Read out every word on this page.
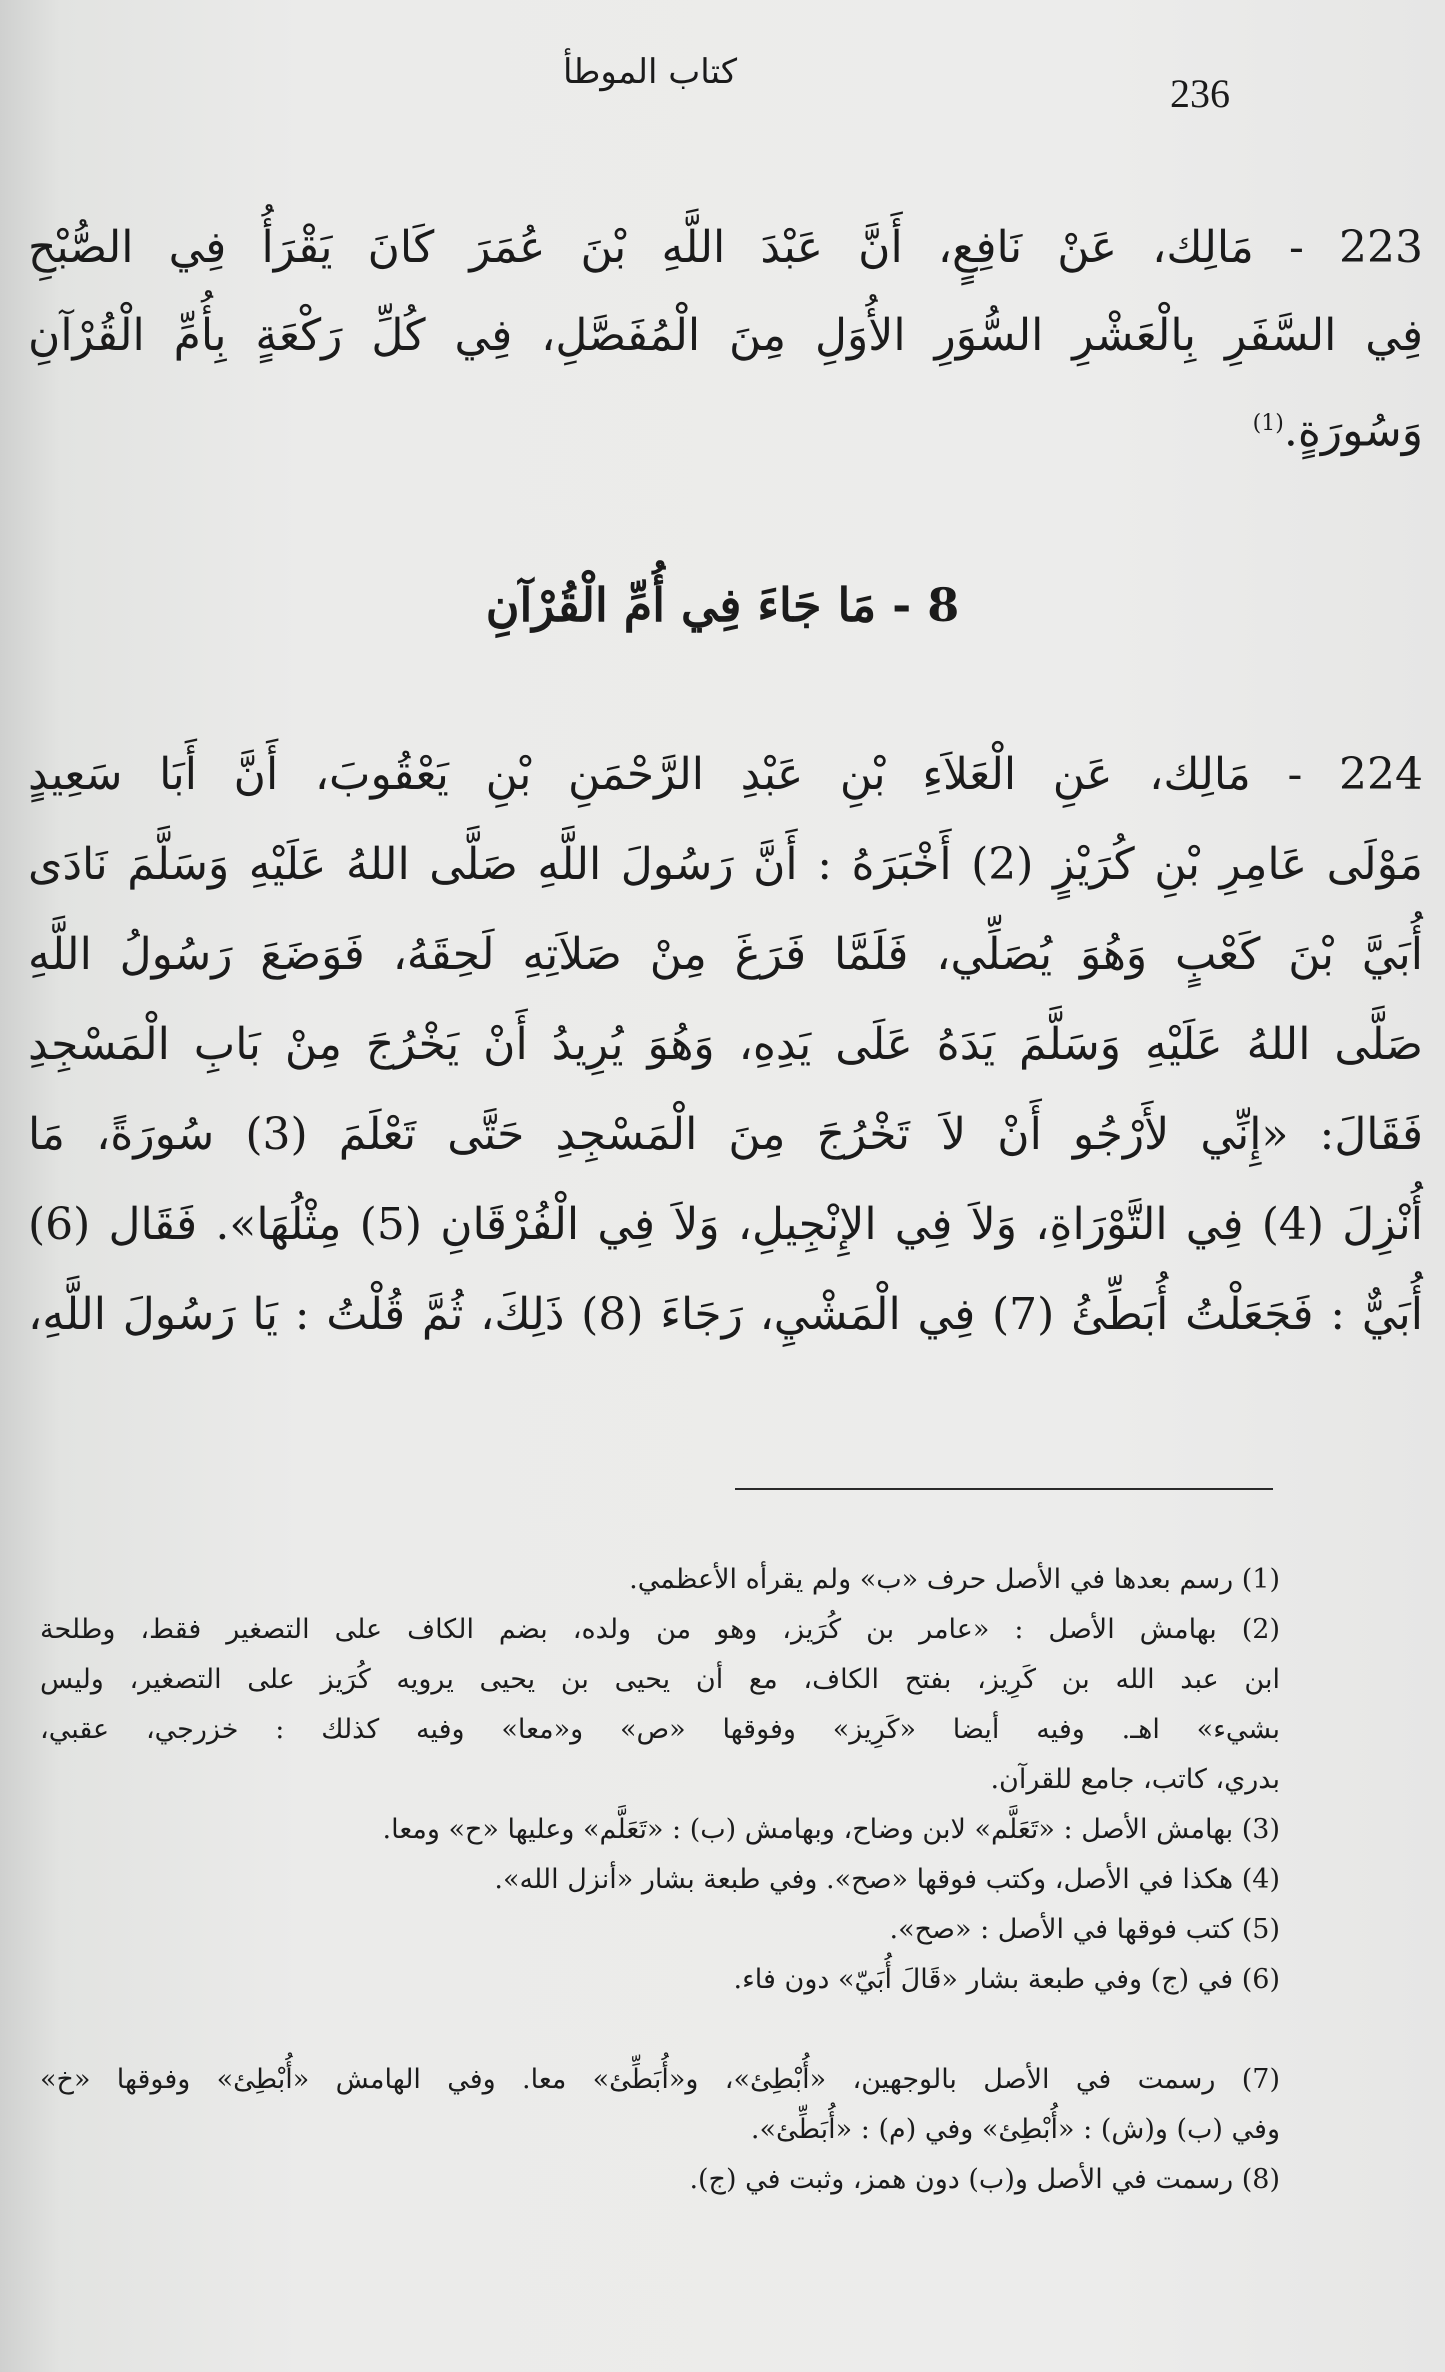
236
كتاب الموطأ
223 - مَالِك، عَنْ نَافِعٍ، أَنَّ عَبْدَ اللَّهِ بْنَ عُمَرَ كَانَ يَقْرَأُ فِي الصُّبْحِ
فِي السَّفَرِ بِالْعَشْرِ السُّوَرِ الأُوَلِ مِنَ الْمُفَصَّلِ، فِي كُلِّ رَكْعَةٍ بِأُمِّ الْقُرْآنِ
وَسُورَةٍ.$^{(1)}$
8 - مَا جَاءَ فِي أُمِّ الْقُرْآنِ
224 - مَالِك، عَنِ الْعَلاَءِ بْنِ عَبْدِ الرَّحْمَنِ بْنِ يَعْقُوبَ، أَنَّ أَبَا سَعِيدٍ
مَوْلَى عَامِرِ بْنِ كُرَيْزٍ (2) أَخْبَرَهُ : أَنَّ رَسُولَ اللَّهِ صَلَّى اللهُ عَلَيْهِ وَسَلَّمَ نَادَى
أُبَيَّ بْنَ كَعْبٍ وَهُوَ يُصَلِّي، فَلَمَّا فَرَغَ مِنْ صَلاَتِهِ لَحِقَهُ، فَوَضَعَ رَسُولُ اللَّهِ
صَلَّى اللهُ عَلَيْهِ وَسَلَّمَ يَدَهُ عَلَى يَدِهِ، وَهُوَ يُرِيدُ أَنْ يَخْرُجَ مِنْ بَابِ الْمَسْجِدِ
فَقَالَ: «إِنِّي لأَرْجُو أَنْ لاَ تَخْرُجَ مِنَ الْمَسْجِدِ حَتَّى تَعْلَمَ (3) سُورَةً، مَا
أُنْزِلَ (4) فِي التَّوْرَاةِ، وَلاَ فِي الإِنْجِيلِ، وَلاَ فِي الْفُرْقَانِ (5) مِثْلُهَا». فَقَال (6)
أُبَيٌّ : فَجَعَلْتُ أُبَطِّئُ (7) فِي الْمَشْيِ، رَجَاءَ (8) ذَلِكَ، ثُمَّ قُلْتُ : يَا رَسُولَ اللَّهِ،
(1) رسم بعدها في الأصل حرف «ب» ولم يقرأه الأعظمي.
(2) بهامش الأصل : «عامر بن كُرَيز، وهو من ولده، بضم الكاف على التصغير فقط، وطلحة
ابن عبد الله بن كَرِيز، بفتح الكاف، مع أن يحيى بن يحيى يرويه كُرَيز على التصغير، وليس
بشيء» اهـ. وفيه أيضا «كَرِيز» وفوقها «ص» و«معا» وفيه كذلك : خزرجي، عقبي،
بدري، كاتب، جامع للقرآن.
(3) بهامش الأصل : «تَعَلَّم» لابن وضاح، وبهامش (ب) : «تَعَلَّم» وعليها «ح» ومعا.
(4) هكذا في الأصل، وكتب فوقها «صح». وفي طبعة بشار «أنزل الله».
(5) كتب فوقها في الأصل : «صح».
(6) في (ج) وفي طبعة بشار «قَالَ أُبَيّ» دون فاء.
(7) رسمت في الأصل بالوجهين، «أُبْطِئ»، و«أُبَطِّئ» معا. وفي الهامش «أُبْطِئ» وفوقها «خ»
وفي (ب) و(ش) : «أُبْطِئ» وفي (م) : «أُبَطِّئ».
(8) رسمت في الأصل و(ب) دون همز، وثبت في (ج).
